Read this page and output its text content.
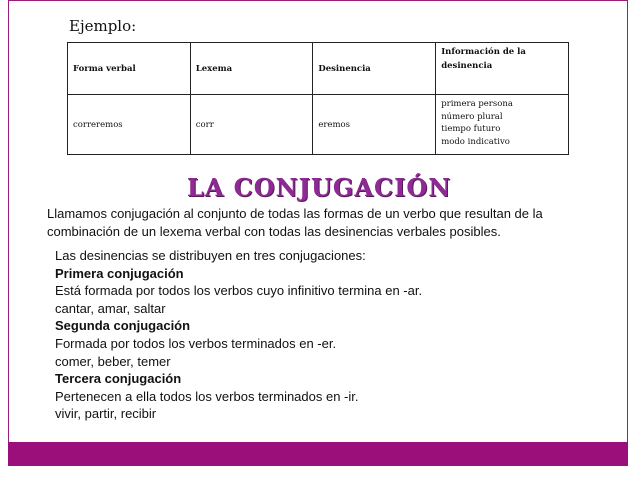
Ejemplo:
Forma verbal	Lexema	Desinencia	Información de la desinencia
correremos	corr	eremos	primera persona
número plural
tiempo futuro
modo indicativo
LA CONJUGACIÓN
Llamamos conjugación al conjunto de todas las formas de un verbo que resultan de la combinación de un lexema verbal con todas las desinencias verbales posibles.
Las desinencias se distribuyen en tres conjugaciones:
Primera conjugación
Está formada por todos los verbos cuyo infinitivo termina en -ar.
cantar, amar, saltar
Segunda conjugación
Formada por todos los verbos terminados en -er.
comer, beber, temer
Tercera conjugación
Pertenecen a ella todos los verbos terminados en -ir.
vivir, partir, recibir
